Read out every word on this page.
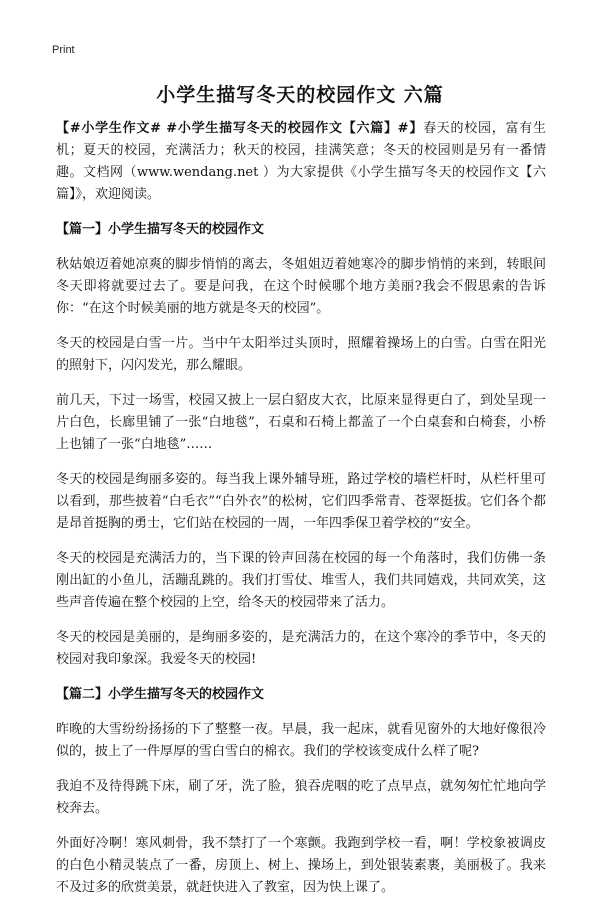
Print
小学生描写冬天的校园作文 六篇

【#小学生作文# #小学生描写冬天的校园作文【六篇】#】春天的校园，富有生机；夏天的校园，充满活力；秋天的校园，挂满笑意；冬天的校园则是另有一番情趣。文档网（www.wendang.net ）为大家提供《小学生描写冬天的校园作文【六篇】》，欢迎阅读。

【篇一】小学生描写冬天的校园作文

秋姑娘迈着她凉爽的脚步悄悄的离去，冬姐姐迈着她寒冷的脚步悄悄的来到，转眼间冬天即将就要过去了。要是问我，在这个时候哪个地方美丽?我会不假思索的告诉你：“在这个时候美丽的地方就是冬天的校园”。

冬天的校园是白雪一片。当中午太阳举过头顶时，照耀着操场上的白雪。白雪在阳光的照射下，闪闪发光，那么耀眼。

前几天，下过一场雪，校园又披上一层白貂皮大衣，比原来显得更白了，到处呈现一片白色，长廊里铺了一张“白地毯”，石桌和石椅上都盖了一个白桌套和白椅套，小桥上也铺了一张“白地毯”……

冬天的校园是绚丽多姿的。每当我上课外辅导班，路过学校的墙栏杆时，从栏杆里可以看到，那些披着“白毛衣”“白外衣”的松树，它们四季常青、苍翠挺拔。它们各个都是昂首挺胸的勇士，它们站在校园的一周，一年四季保卫着学校的“安全。

冬天的校园是充满活力的，当下课的铃声回荡在校园的每一个角落时，我们仿佛一条刚出缸的小鱼儿，活蹦乱跳的。我们打雪仗、堆雪人，我们共同嬉戏，共同欢笑，这些声音传遍在整个校园的上空，给冬天的校园带来了活力。

冬天的校园是美丽的，是绚丽多姿的，是充满活力的，在这个寒冷的季节中，冬天的校园对我印象深。我爱冬天的校园!

【篇二】小学生描写冬天的校园作文

昨晚的大雪纷纷扬扬的下了整整一夜。早晨，我一起床，就看见窗外的大地好像很冷似的，披上了一件厚厚的雪白雪白的棉衣。我们的学校该变成什么样了呢?

我迫不及待得跳下床，刷了牙，洗了脸，狼吞虎咽的吃了点早点，就匆匆忙忙地向学校奔去。

外面好冷啊！寒风刺骨，我不禁打了一个寒颤。我跑到学校一看，啊！学校象被调皮的白色小精灵装点了一番，房顶上、树上、操场上，到处银装素裹，美丽极了。我来不及过多的欣赏美景，就赶快进入了教室，因为快上课了。
